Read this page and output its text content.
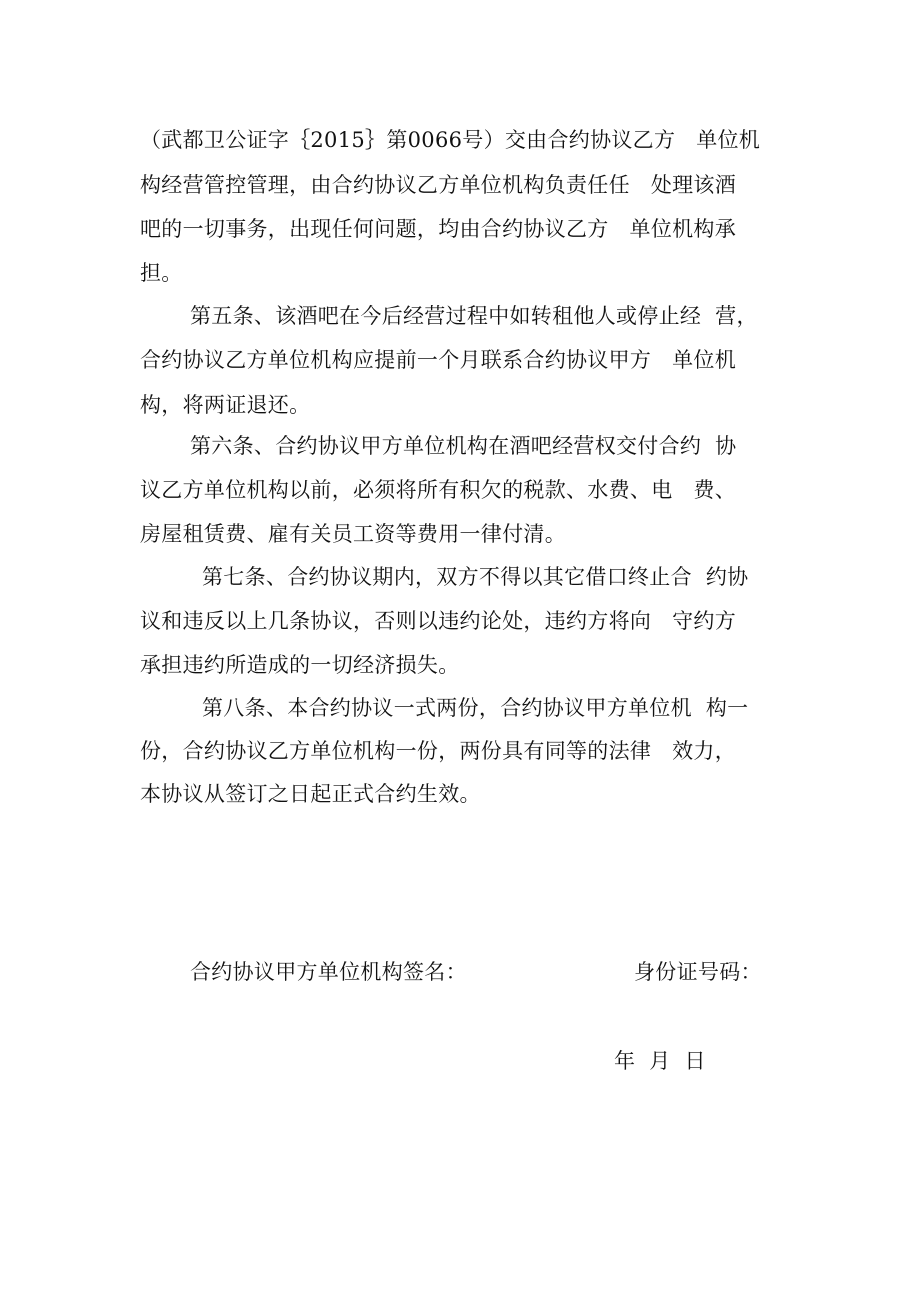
（武都卫公证字｛2015｝第0066号）交由合约协议乙方   单位机
构经营管控管理，由合约协议乙方单位机构负责任任   处理该酒
吧的一切事务，出现任何问题，均由合约协议乙方   单位机构承
担。
第五条、该酒吧在今后经营过程中如转租他人或停止经  营，
合约协议乙方单位机构应提前一个月联系合约协议甲方   单位机
构，将两证退还。
第六条、合约协议甲方单位机构在酒吧经营权交付合约  协
议乙方单位机构以前，必须将所有积欠的税款、水费、电   费、
房屋租赁费、雇有关员工资等费用一律付清。
第七条、合约协议期内，双方不得以其它借口终止合  约协
议和违反以上几条协议，否则以违约论处，违约方将向   守约方
承担违约所造成的一切经济损失。
第八条、本合约协议一式两份，合约协议甲方单位机  构一
份，合约协议乙方单位机构一份，两份具有同等的法律   效力，
本协议从签订之日起正式合约生效。
合约协议甲方单位机构签名：	身份证号码：
年  月  日
